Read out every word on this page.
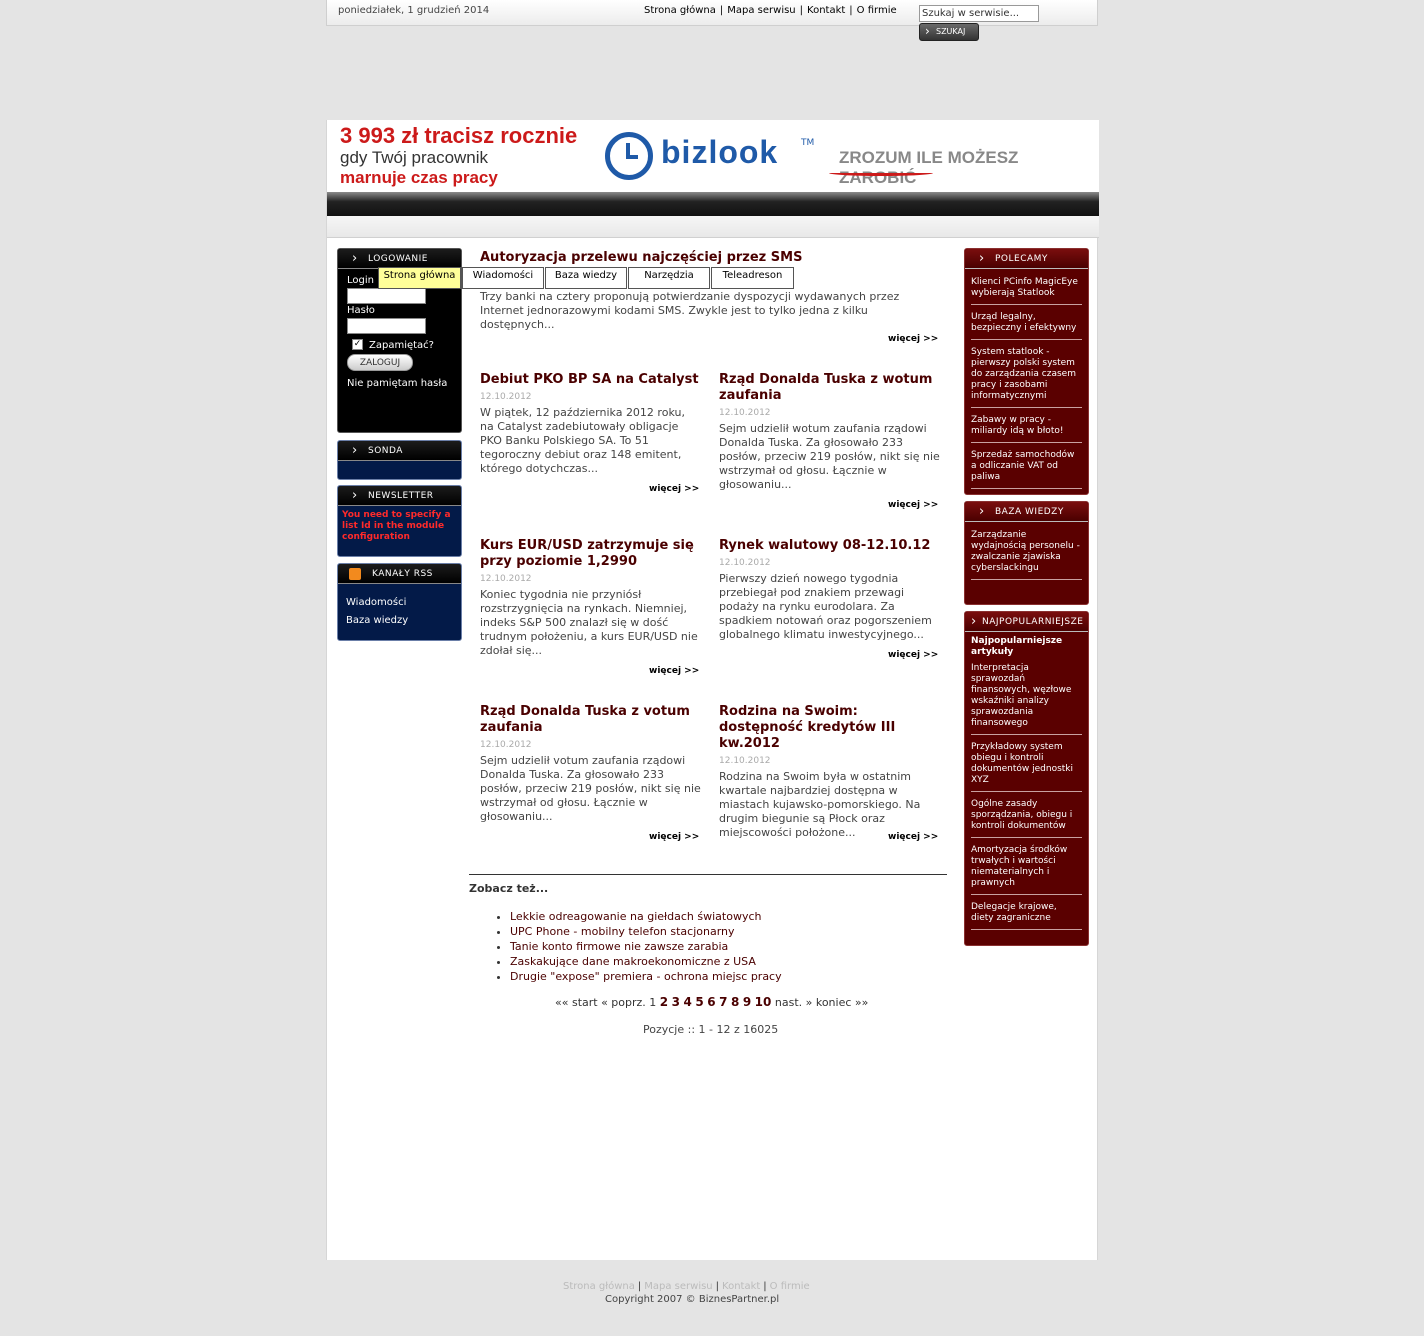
poniedziałek, 1 grudzień 2014	Strona główna | Mapa serwisu | Kontakt | O firmie
Szukaj w serwisie...
› SZUKAJ
3 993 zł tracisz rocznie
gdy Twój pracownik
marnuje czas pracy
bizlook	TM
ZROZUM ILE MOŻESZ ZAROBIĆ
› LOGOWANIE
Login
Hasło
✓ Zapamiętać?
ZALOGUJ
Nie pamiętam hasła
› SONDA
› NEWSLETTER
You need to specify a list Id in the module configuration
KANAŁY RSS
Wiadomości
Baza wiedzy
Strona główna	Wiadomości	Baza wiedzy	Narzędzia	Teleadreson
Autoryzacja przelewu najczęściej przez SMS
Trzy banki na cztery proponują potwierdzanie dyspozycji wydawanych przez Internet jednorazowymi kodami SMS. Zwykle jest to tylko jedna z kilku dostępnych...
więcej >>
Debiut PKO BP SA na Catalyst
12.10.2012
W piątek, 12 października 2012 roku, na Catalyst zadebiutowały obligacje PKO Banku Polskiego SA. To 51 tegoroczny debiut oraz 148 emitent, którego dotychczas...
więcej >>
Rząd Donalda Tuska z wotum zaufania
12.10.2012
Sejm udzielił wotum zaufania rządowi Donalda Tuska. Za głosowało 233 posłów, przeciw 219 posłów, nikt się nie wstrzymał od głosu. Łącznie w głosowaniu...
więcej >>
Kurs EUR/USD zatrzymuje się przy poziomie 1,2990
12.10.2012
Koniec tygodnia nie przyniósł rozstrzygnięcia na rynkach. Niemniej, indeks S&P 500 znalazł się w dość trudnym położeniu, a kurs EUR/USD nie zdołał się...
więcej >>
Rynek walutowy 08-12.10.12
12.10.2012
Pierwszy dzień nowego tygodnia przebiegał pod znakiem przewagi podaży na rynku eurodolara. Za spadkiem notowań oraz pogorszeniem globalnego klimatu inwestycyjnego...
więcej >>
Rząd Donalda Tuska z votum zaufania
12.10.2012
Sejm udzielił votum zaufania rządowi Donalda Tuska. Za głosowało 233 posłów, przeciw 219 posłów, nikt się nie wstrzymał od głosu. Łącznie w głosowaniu...
więcej >>
Rodzina na Swoim: dostępność kredytów III kw.2012
12.10.2012
Rodzina na Swoim była w ostatnim kwartale najbardziej dostępna w miastach kujawsko-pomorskiego. Na drugim biegunie są Płock oraz miejscowości położone...	więcej >>
Zobacz też...
• Lekkie odreagowanie na giełdach światowych
• UPC Phone - mobilny telefon stacjonarny
• Tanie konto firmowe nie zawsze zarabia
• Zaskakujące dane makroekonomiczne z USA
• Drugie "expose" premiera - ochrona miejsc pracy
«« start « poprz. 1 2 3 4 5 6 7 8 9 10 nast. » koniec »»
Pozycje :: 1 - 12 z 16025
› POLECAMY
Klienci PCinfo MagicEye wybierają Statlook
Urząd legalny, bezpieczny i efektywny
System statlook - pierwszy polski system do zarządzania czasem pracy i zasobami informatycznymi
Zabawy w pracy - miliardy idą w błoto!
Sprzedaż samochodów a odliczanie VAT od paliwa
› BAZA WIEDZY
Zarządzanie wydajnością personelu - zwalczanie zjawiska cyberslackingu
› NAJPOPULARNIEJSZE
Najpopularniejsze artykuły
Interpretacja sprawozdań finansowych, węzłowe wskaźniki analizy sprawozdania finansowego
Przykładowy system obiegu i kontroli dokumentów jednostki XYZ
Ogólne zasady sporządzania, obiegu i kontroli dokumentów
Amortyzacja środków trwałych i wartości niematerialnych i prawnych
Delegacje krajowe, diety zagraniczne
Strona główna | Mapa serwisu | Kontakt | O firmie
Copyright 2007 © BiznesPartner.pl
